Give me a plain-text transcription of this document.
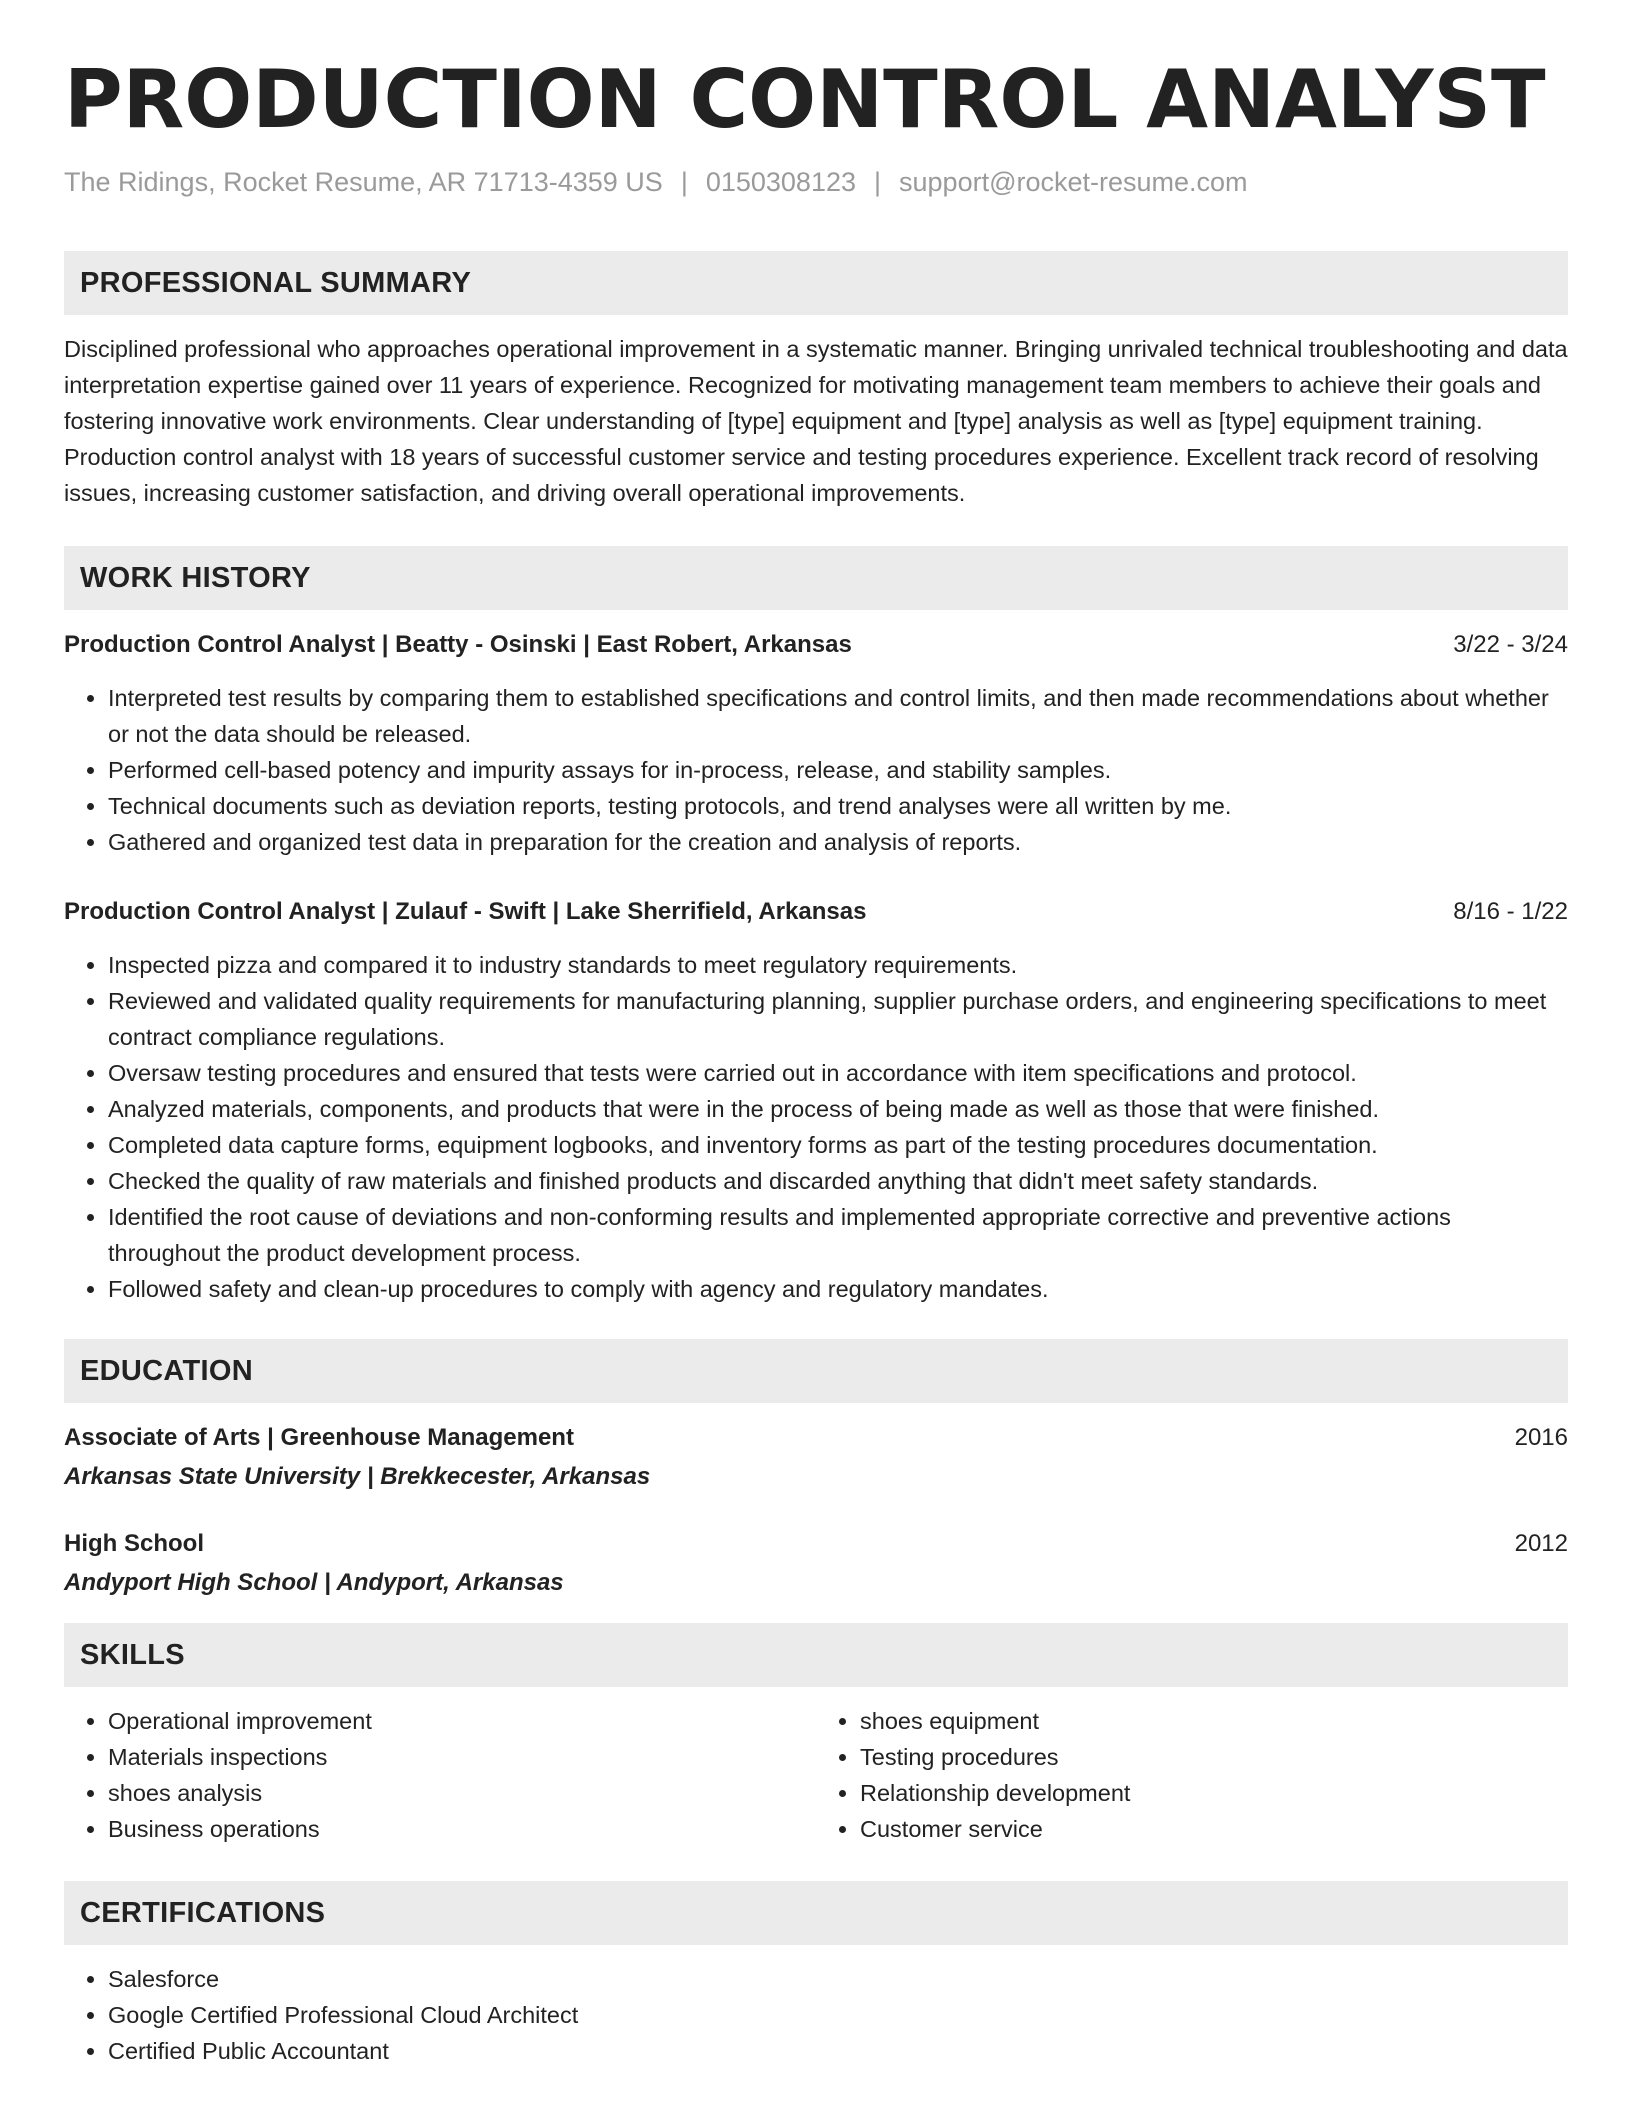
PRODUCTION CONTROL ANALYST
The Ridings, Rocket Resume, AR 71713-4359 US | 0150308123 | support@rocket-resume.com
PROFESSIONAL SUMMARY

Disciplined professional who approaches operational improvement in a systematic manner. Bringing unrivaled technical troubleshooting and data interpretation expertise gained over 11 years of experience. Recognized for motivating management team members to achieve their goals and fostering innovative work environments. Clear understanding of [type] equipment and [type] analysis as well as [type] equipment training. Production control analyst with 18 years of successful customer service and testing procedures experience. Excellent track record of resolving issues, increasing customer satisfaction, and driving overall operational improvements.

WORK HISTORY
Production Control Analyst | Beatty - Osinski | East Robert, Arkansas	3/22 - 3/24
• Interpreted test results by comparing them to established specifications and control limits, and then made recommendations about whether or not the data should be released.
• Performed cell-based potency and impurity assays for in-process, release, and stability samples.
• Technical documents such as deviation reports, testing protocols, and trend analyses were all written by me.
• Gathered and organized test data in preparation for the creation and analysis of reports.
Production Control Analyst | Zulauf - Swift | Lake Sherrifield, Arkansas	8/16 - 1/22
• Inspected pizza and compared it to industry standards to meet regulatory requirements.
• Reviewed and validated quality requirements for manufacturing planning, supplier purchase orders, and engineering specifications to meet contract compliance regulations.
• Oversaw testing procedures and ensured that tests were carried out in accordance with item specifications and protocol.
• Analyzed materials, components, and products that were in the process of being made as well as those that were finished.
• Completed data capture forms, equipment logbooks, and inventory forms as part of the testing procedures documentation.
• Checked the quality of raw materials and finished products and discarded anything that didn't meet safety standards.
• Identified the root cause of deviations and non-conforming results and implemented appropriate corrective and preventive actions throughout the product development process.
• Followed safety and clean-up procedures to comply with agency and regulatory mandates.
EDUCATION
Associate of Arts | Greenhouse Management	2016
Arkansas State University | Brekkecester, Arkansas
High School	2012
Andyport High School | Andyport, Arkansas
SKILLS
• Operational improvement
• Materials inspections
• shoes analysis
• Business operations
• shoes equipment
• Testing procedures
• Relationship development
• Customer service
CERTIFICATIONS
• Salesforce
• Google Certified Professional Cloud Architect
• Certified Public Accountant
